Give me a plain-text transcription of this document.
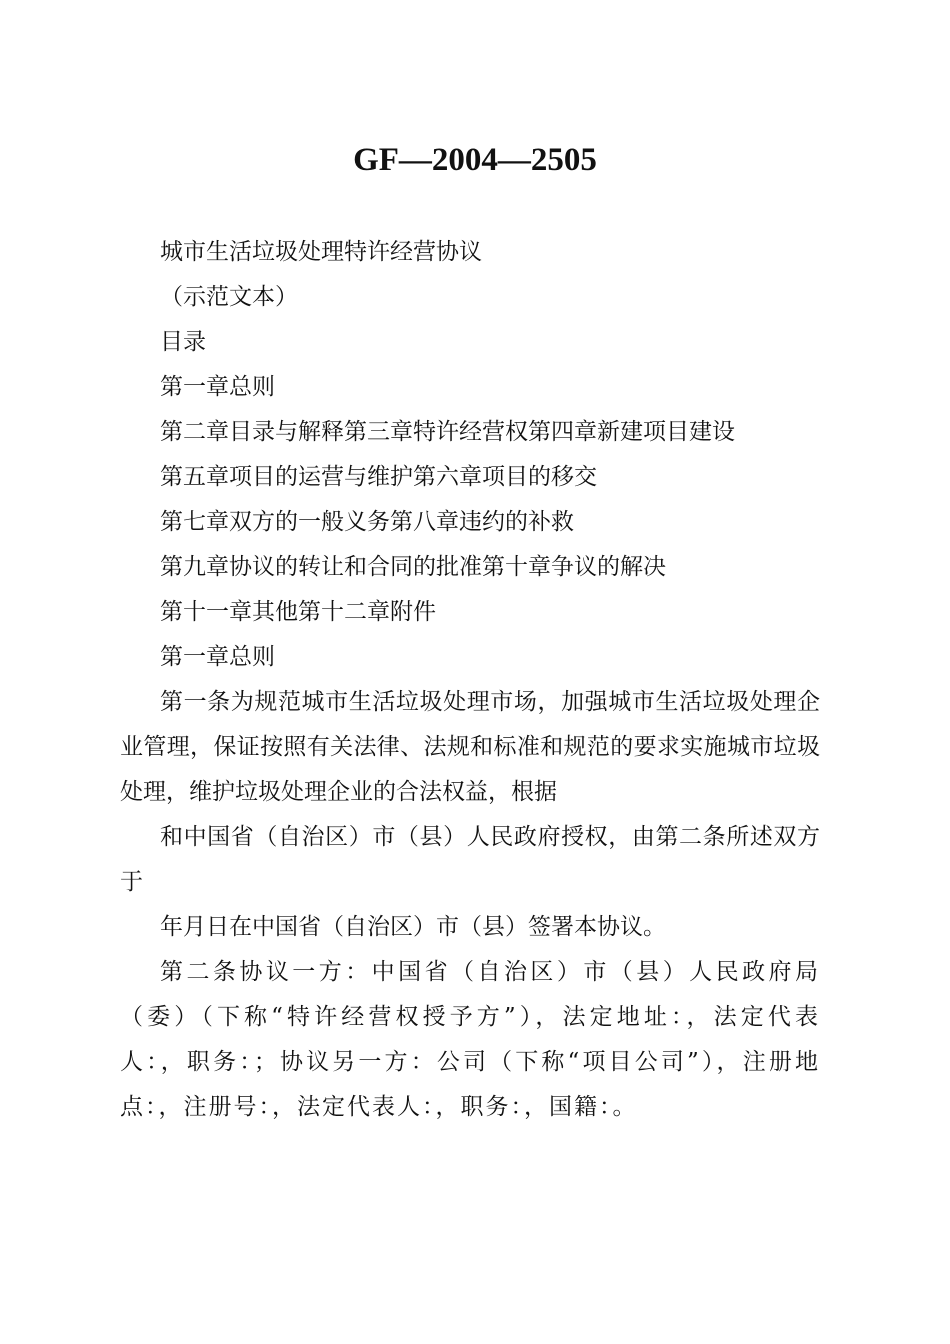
GF—2004—2505
城市生活垃圾处理特许经营协议
（示范文本）
目录
第一章总则
第二章目录与解释第三章特许经营权第四章新建项目建设
第五章项目的运营与维护第六章项目的移交
第七章双方的一般义务第八章违约的补救
第九章协议的转让和合同的批准第十章争议的解决
第十一章其他第十二章附件
第一章总则
第一条为规范城市生活垃圾处理市场，加强城市生活垃圾处理企业管理，保证按照有关法律、法规和标准和规范的要求实施城市垃圾处理，维护垃圾处理企业的合法权益，根据
和中国省（自治区）市（县）人民政府授权，由第二条所述双方于
年月日在中国省（自治区）市（县）签署本协议。
第二条协议一方：中国省（自治区）市（县）人民政府局（委）（下称“特许经营权授予方”），法定地址：，法定代表人：，职务：；协议另一方：公司（下称“项目公司”），注册地点：，注册号：，法定代表人：，职务：，国籍：。
